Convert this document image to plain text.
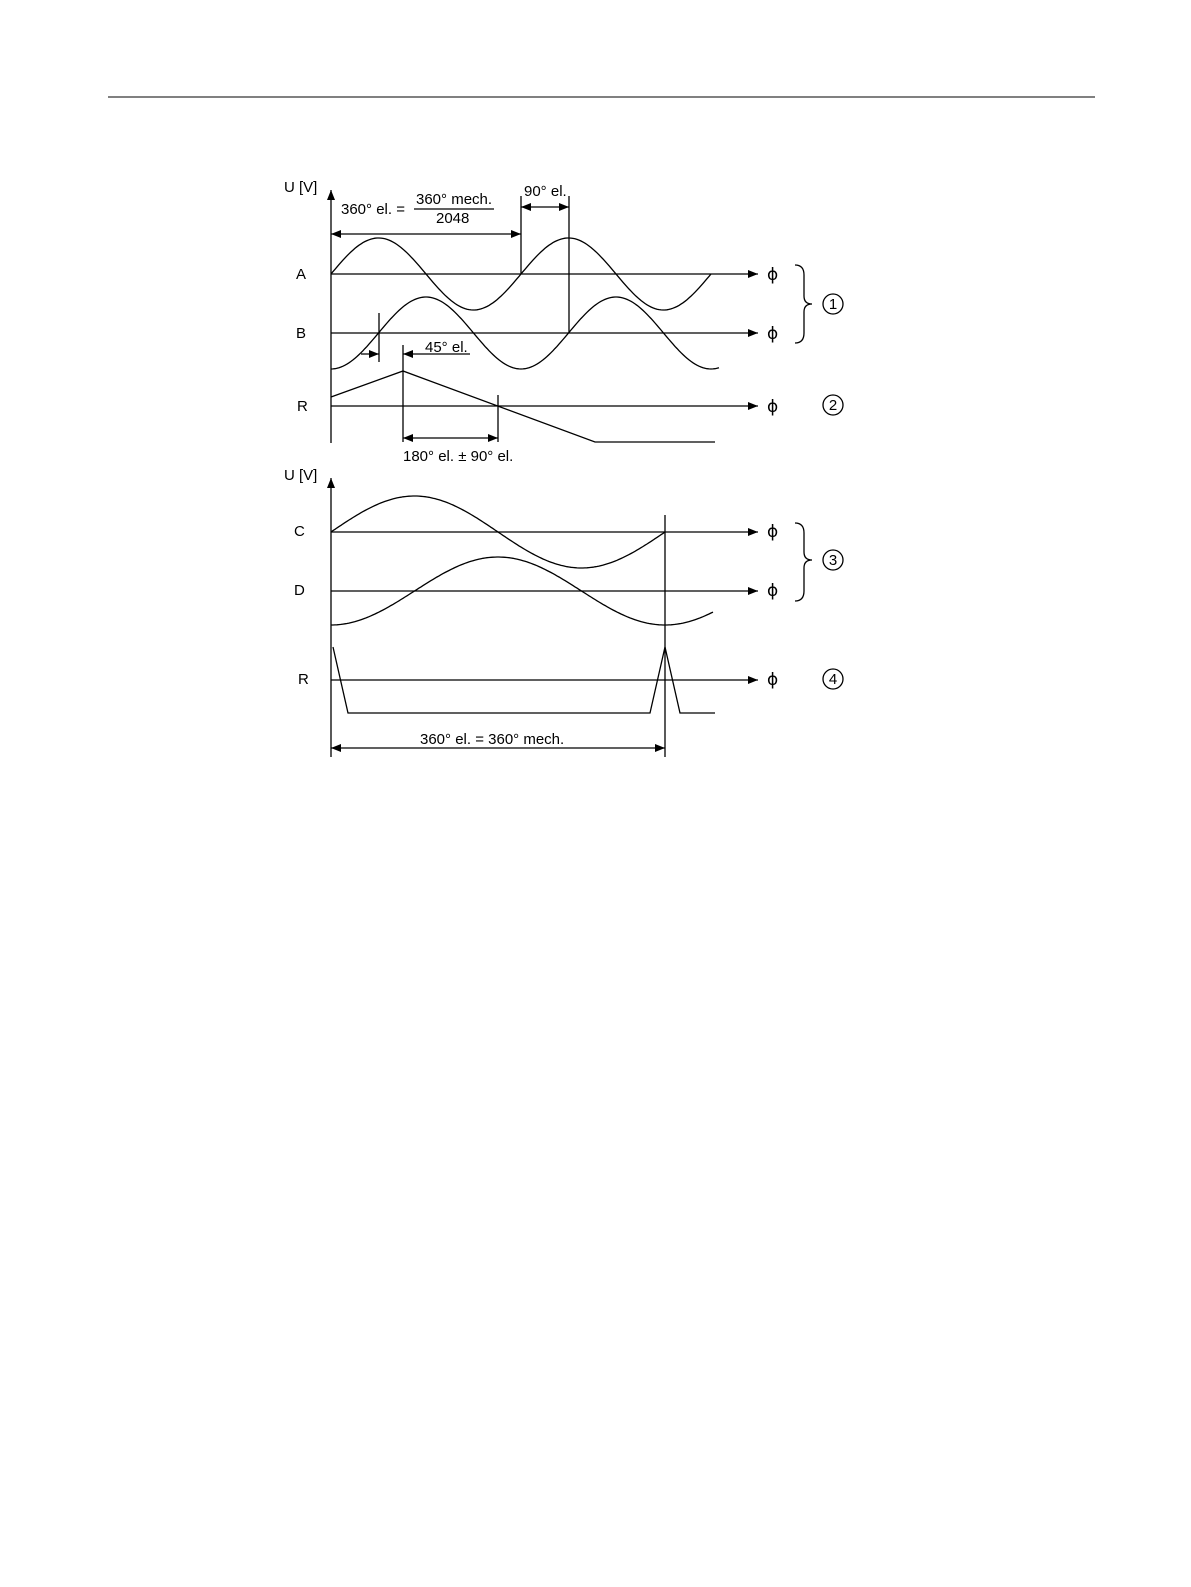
U [V]
360° el. =
360° mech.
2048
90° el.
45° el.
180° el. ± 90° el.
A
B
R
ϕ
ϕ
ϕ
1
2
U [V]
C
D
R
ϕ
ϕ
ϕ
3
4
360° el. = 360° mech.
